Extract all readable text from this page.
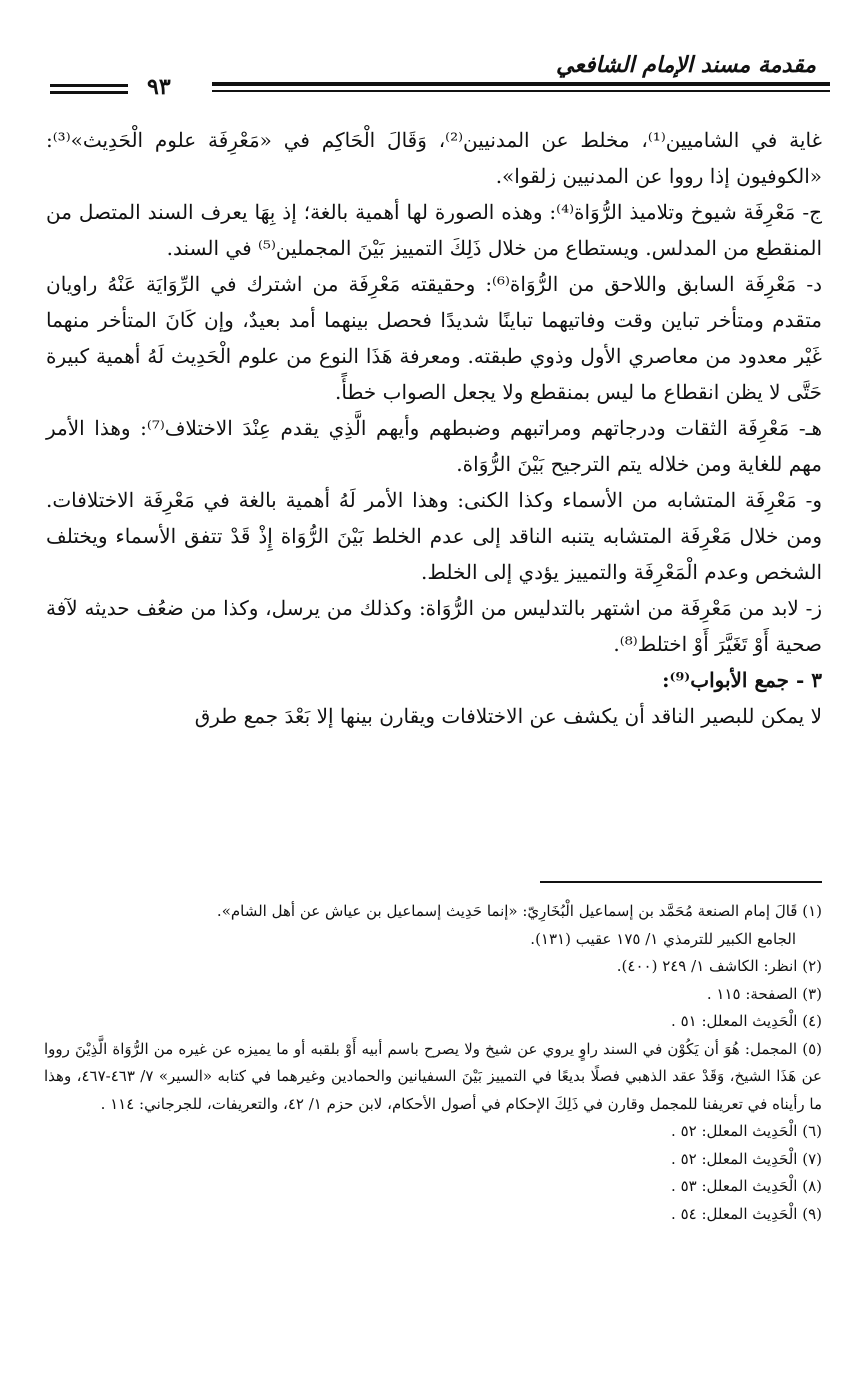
مقدمة مسند الإمام الشافعي
٩٣

غاية في الشاميين⁽¹⁾، مخلط عن المدنيين⁽²⁾، وَقَالَ الْحَاكِم في «مَعْرِفَة علوم الْحَدِيث»⁽³⁾: «الكوفيون إذا رووا عن المدنيين زلقوا».

ج- مَعْرِفَة شيوخ وتلاميذ الرُّوَاة⁽⁴⁾: وهذه الصورة لها أهمية بالغة؛ إذ بِهَا يعرف السند المتصل من المنقطع من المدلس. ويستطاع من خلال ذَلِكَ التمييز بَيْنَ المجملين⁽⁵⁾ في السند.

د- مَعْرِفَة السابق واللاحق من الرُّوَاة⁽⁶⁾: وحقيقته مَعْرِفَة من اشترك في الرِّوَايَة عَنْهُ راويان متقدم ومتأخر تباين وقت وفاتيهما تباينًا شديدًا فحصل بينهما أمد بعيدٌ، وإن كَانَ المتأخر منهما غَيْر معدود من معاصري الأول وذوي طبقته. ومعرفة هَذَا النوع من علوم الْحَدِيث لَهُ أهمية كبيرة حَتَّى لا يظن انقطاع ما ليس بمنقطع ولا يجعل الصواب خطأً.

هـ- مَعْرِفَة الثقات ودرجاتهم ومراتبهم وضبطهم وأيهم الَّذِي يقدم عِنْدَ الاختلاف⁽⁷⁾: وهذا الأمر مهم للغاية ومن خلاله يتم الترجيح بَيْنَ الرُّوَاة.

و- مَعْرِفَة المتشابه من الأسماء وكذا الكنى: وهذا الأمر لَهُ أهمية بالغة في مَعْرِفَة الاختلافات. ومن خلال مَعْرِفَة المتشابه يتنبه الناقد إلى عدم الخلط بَيْنَ الرُّوَاة إِذْ قَدْ تتفق الأسماء ويختلف الشخص وعدم الْمَعْرِفَة والتمييز يؤدي إلى الخلط.

ز- لابد من مَعْرِفَة من اشتهر بالتدليس من الرُّوَاة: وكذلك من يرسل، وكذا من ضعُف حديثه لآفة صحية أَوْ تَغَيَّرَ أَوْ اختلط⁽⁸⁾.

٣ - جمع الأبواب⁽⁹⁾:

لا يمكن للبصير الناقد أن يكشف عن الاختلافات ويقارن بينها إلا بَعْدَ جمع طرق

(١) قَالَ إمام الصنعة مُحَمَّد بن إسماعيل الْبُخَارِيّ: «إنما حَدِيث إسماعيل بن عياش عن أهل الشام».

الجامع الكبير للترمذي ١/ ١٧٥ عقيب (١٣١).

(٢) انظر: الكاشف ١/ ٢٤٩ (٤٠٠).

(٣) الصفحة: ١١٥ .

(٤) الْحَدِيث المعلل: ٥١ .

(٥) المجمل: هُوَ أن يَكُوْن في السند راوٍ يروي عن شيخ ولا يصرح باسم أبيه أَوْ بلقبه أو ما يميزه عن غيره من الرُّوَاة الَّذِيْنَ رووا عن هَذَا الشيخ، وَقَدْ عقد الذهبي فصلًا بديعًا في التمييز بَيْنَ السفيانين والحمادين وغيرهما في كتابه «السير» ٧/ ٤٦٣-٤٦٧، وهذا ما رأيناه في تعريفنا للمجمل وقارن في ذَلِكَ الإحكام في أصول الأحكام، لابن حزم ١/ ٤٢، والتعريفات، للجرجاني: ١١٤ .

(٦) الْحَدِيث المعلل: ٥٢ .

(٧) الْحَدِيث المعلل: ٥٢ .

(٨) الْحَدِيث المعلل: ٥٣ .

(٩) الْحَدِيث المعلل: ٥٤ .
